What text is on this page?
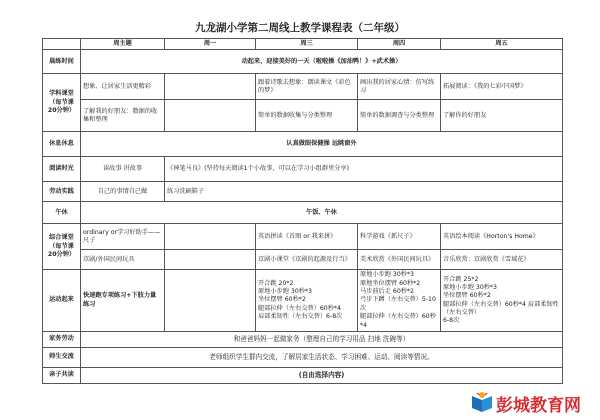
九龙湖小学第二周线上教学课程表（二年级）
	周主题	周一	周三	周四	周五
晨练时间	动起来，迎接美好的一天（啦啦操《加油鸭！》+武术操）				

学科课堂
（每节课
20分钟）	想象、让居家生活更精彩		跟着诗歌去想象：朗读课文《彩色的梦》	画出我的居家心情：仿写练习	拓展阅读：《我的七彩中国梦》
	了解我的好朋友：数据的收集和整理		简单的数据收集与分类整理	简单的数据调查与分类整理	了解你的好朋友
休息休息	认真做眼保健操 远眺窗外				
阅读时光	读故事 讲故事	《神笔马良》(坚持每天阅读1个小故事，可以在学习小组群里分享)			
劳动实践	自己的事情自己做	练习洗刷鞋子			
午休	午饭、午休				

综合课堂
（每节课
20分钟）	ordinary or学习好助手——尺子		英语拼读《首图 or 我来拼》	科学游戏《抓尺子》	英语绘本阅读《Horton's Home》
	京剧/外国民间玩具		京剧小课堂《京剧的起源及行当》	美术欣赏《外国民间玩具》	音乐欣赏：京剧欣赏《雪域花》
运动起来	快速跑专项练习+下肢力量练习		开合跳 20*2
原地小步跑 30秒*3
坐位摆臂 60秒*2
腿部拉伸（左右交替）60秒*4
肩部柔韧性（左右交替）6-8次	原地小步跑 30秒*3
原地坐位摆臂 60秒*2
马步前后走 60秒*2
弓步下蹲（左右交替）5-10次
腿部拉伸（左右交替）60秒*4	开合跳 25*2
原地小步跑 30秒*3
坐位摆臂 60秒*2
腿部拉伸（左右交替）60秒*4 肩部柔韧性（左右交替）
6-8次

家务劳动	和爸爸妈妈一起做家务（整理自己的学习用品 扫地 洗碗等）				
师生交流	老师组织学生群内交流，了解居家生活状态、学习困难、运动、阅读等情况。				
亲子共读	(自由选择内容)				
彭城教育网
